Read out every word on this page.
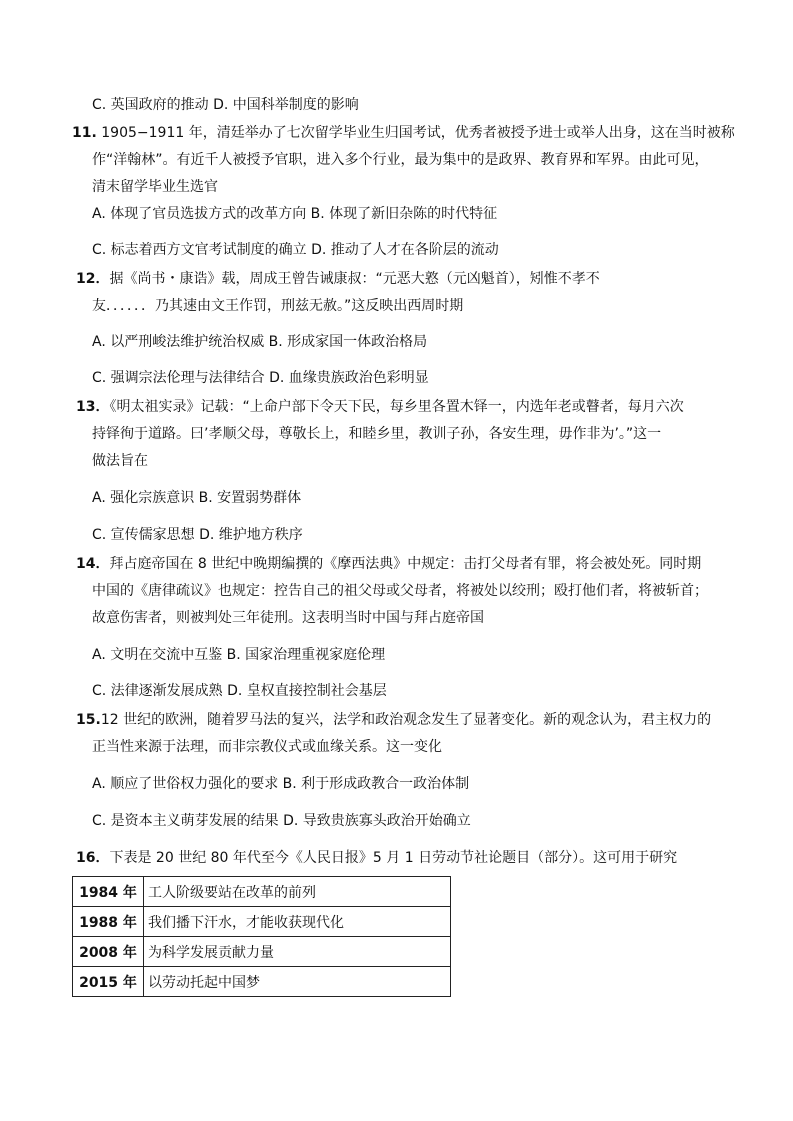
C. 英国政府的推动 D. 中国科举制度的影响
11. 1905−1911 年，清廷举办了七次留学毕业生归国考试，优秀者被授予进士或举人出身，这在当时被称
作“洋翰林”。有近千人被授予官职，进入多个行业，最为集中的是政界、教育界和军界。由此可见，
清末留学毕业生选官
A. 体现了官员选拔方式的改革方向 B. 体现了新旧杂陈的时代特征
C. 标志着西方文官考试制度的确立 D. 推动了人才在各阶层的流动
12．据《尚书・康诰》载，周成王曾告诫康叔：“元恶大憝（元凶魁首），矧惟不孝不
友．．．．．．乃其速由文王作罚，刑兹无赦。”这反映出西周时期
A. 以严刑峻法维护统治权威 B. 形成家国一体政治格局
C. 强调宗法伦理与法律结合 D. 血缘贵族政治色彩明显
13．《明太祖实录》记载：“上命户部下令天下民，每乡里各置木铎一，内选年老或瞽者，每月六次
持铎徇于道路。曰’孝顺父母，尊敬长上，和睦乡里，教训子孙，各安生理，毋作非为’。”这一
做法旨在
A. 强化宗族意识 B. 安置弱势群体
C. 宣传儒家思想 D. 维护地方秩序
14．拜占庭帝国在 8 世纪中晚期编撰的《摩西法典》中规定：击打父母者有罪，将会被处死。同时期
中国的《唐律疏议》也规定：控告自己的祖父母或父母者，将被处以绞刑；殴打他们者，将被斩首；
故意伤害者，则被判处三年徒刑。这表明当时中国与拜占庭帝国
A. 文明在交流中互鉴 B. 国家治理重视家庭伦理
C. 法律逐渐发展成熟 D. 皇权直接控制社会基层
15.12 世纪的欧洲，随着罗马法的复兴，法学和政治观念发生了显著变化。新的观念认为，君主权力的
正当性来源于法理，而非宗教仪式或血缘关系。这一变化
A. 顺应了世俗权力强化的要求 B. 利于形成政教合一政治体制
C. 是资本主义萌芽发展的结果 D. 导致贵族寡头政治开始确立
16．下表是 20 世纪 80 年代至今《人民日报》5 月 1 日劳动节社论题目（部分）。这可用于研究
1984 年	工人阶级要站在改革的前列
1988 年	我们播下汗水，才能收获现代化
2008 年	为科学发展贡献力量
2015 年	以劳动托起中国梦
